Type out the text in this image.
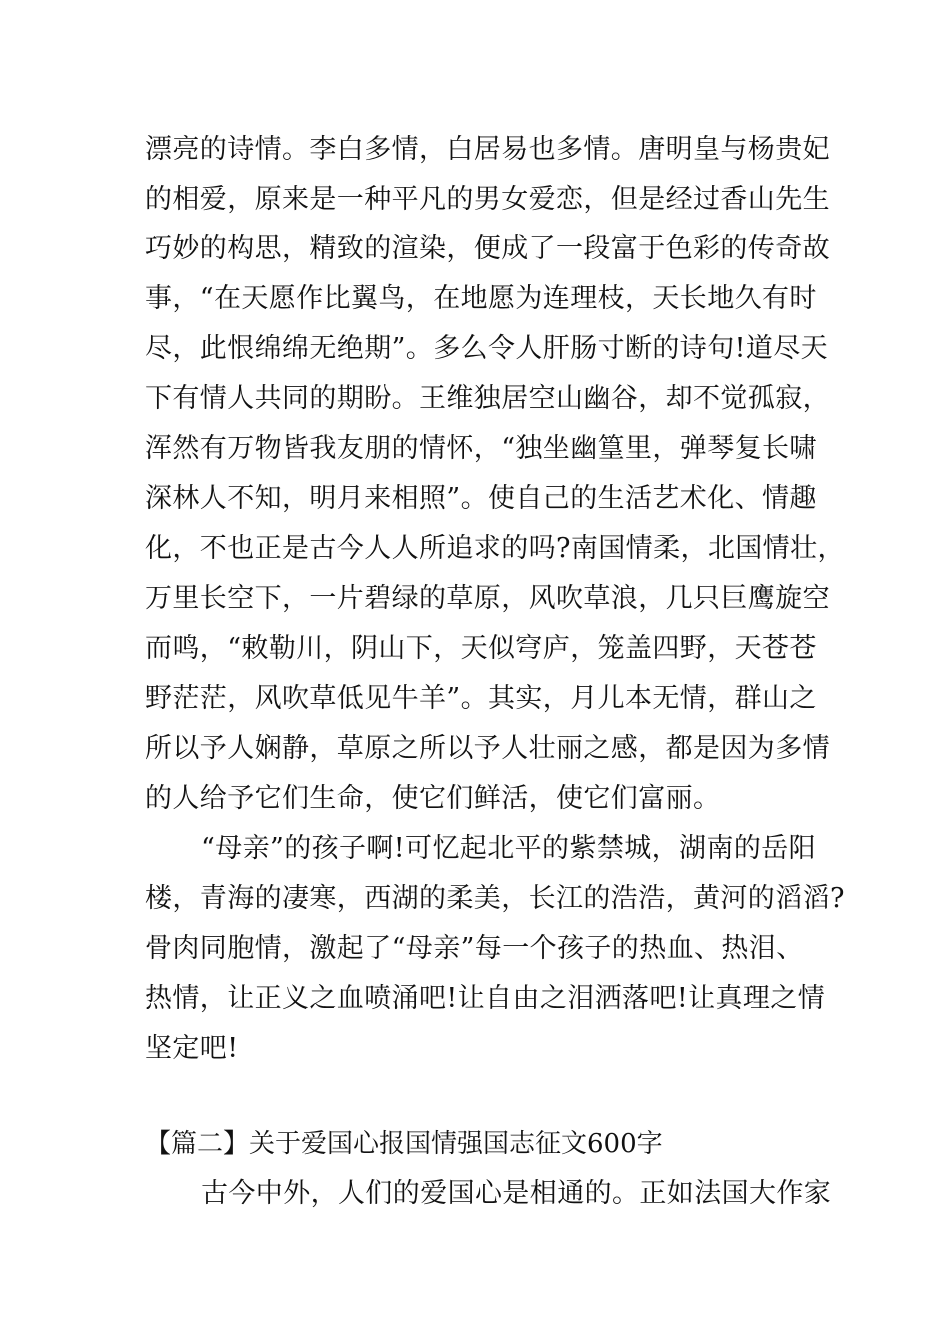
漂亮的诗情。李白多情，白居易也多情。唐明皇与杨贵妃
的相爱，原来是一种平凡的男女爱恋，但是经过香山先生
巧妙的构思，精致的渲染，便成了一段富于色彩的传奇故
事，“在天愿作比翼鸟，在地愿为连理枝，天长地久有时
尽，此恨绵绵无绝期”。多么令人肝肠寸断的诗句!道尽天
下有情人共同的期盼。王维独居空山幽谷，却不觉孤寂，
浑然有万物皆我友朋的情怀，“独坐幽篁里，弹琴复长啸
深林人不知，明月来相照”。使自己的生活艺术化、情趣
化，不也正是古今人人所追求的吗?南国情柔，北国情壮，
万里长空下，一片碧绿的草原，风吹草浪，几只巨鹰旋空
而鸣，“敕勒川，阴山下，天似穹庐，笼盖四野，天苍苍
野茫茫，风吹草低见牛羊”。其实，月儿本无情，群山之
所以予人娴静，草原之所以予人壮丽之感，都是因为多情
的人给予它们生命，使它们鲜活，使它们富丽。
“母亲”的孩子啊!可忆起北平的紫禁城，湖南的岳阳
楼，青海的凄寒，西湖的柔美，长江的浩浩，黄河的滔滔?
骨肉同胞情，激起了“母亲”每一个孩子的热血、热泪、
热情，让正义之血喷涌吧!让自由之泪洒落吧!让真理之情
坚定吧!
【篇二】关于爱国心报国情强国志征文600字
古今中外，人们的爱国心是相通的。正如法国大作家
